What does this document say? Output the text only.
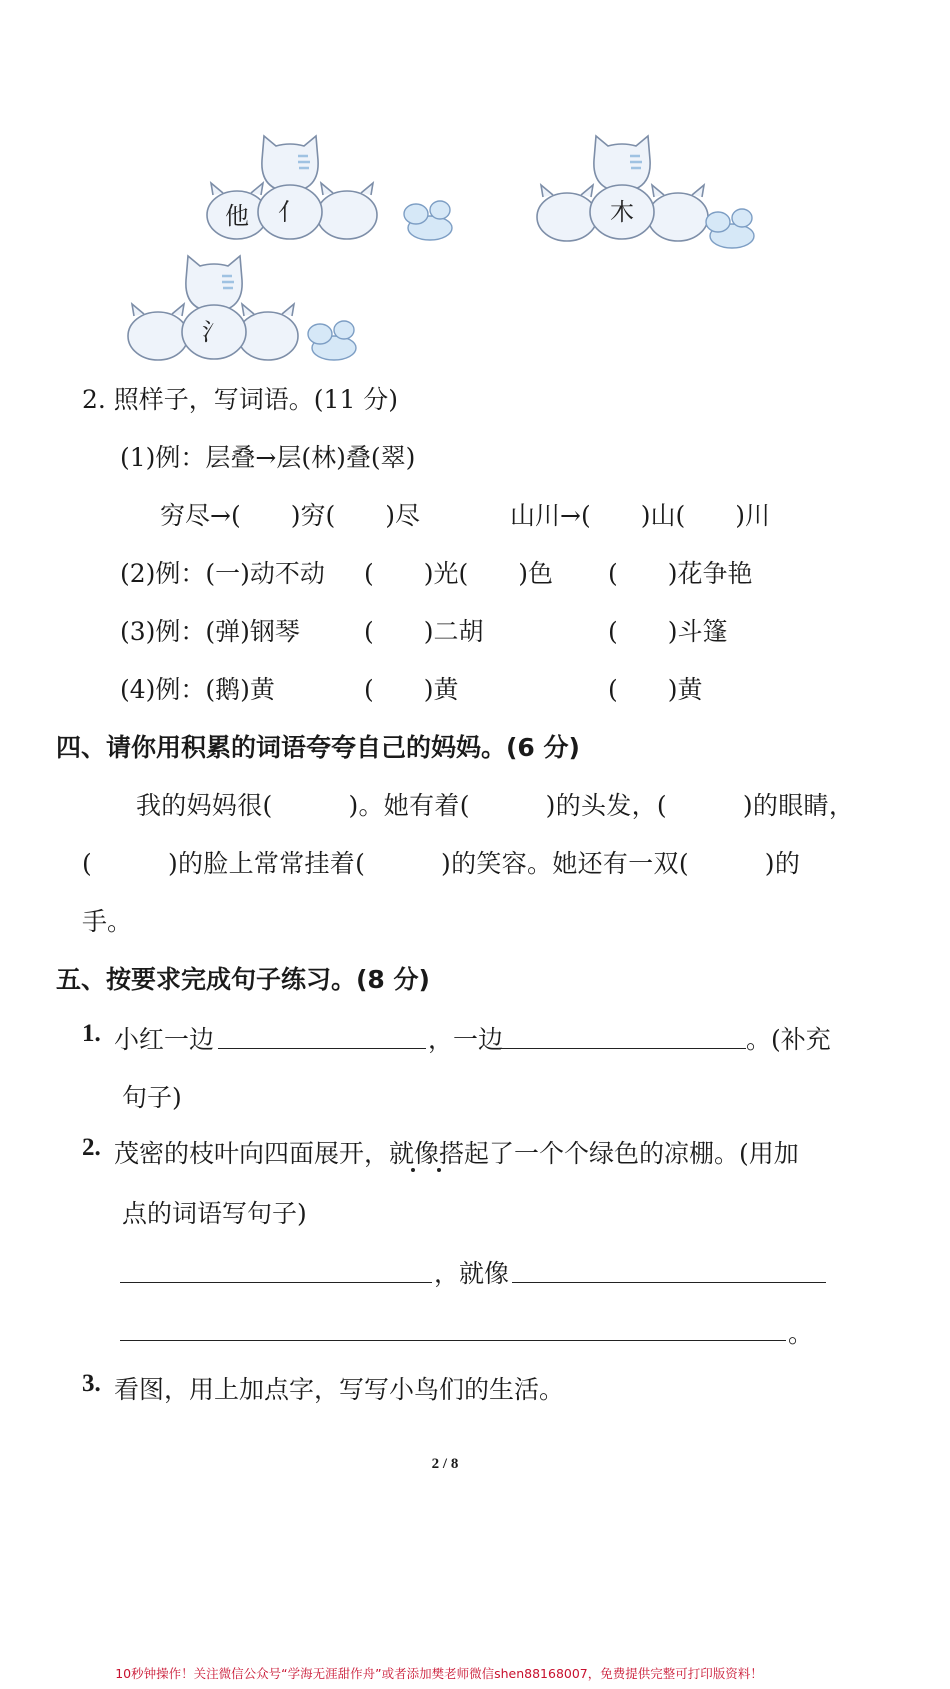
他 亻	木
氵
2. 照样子，写词语。(11 分)
(1)例：层叠→层(林)叠(翠)
穷尽→(　　)穷(　　)尽	山川→(　　)山(　　)川
(2)例：(一)动不动 (　　)光(　　)色 (　　)花争艳
(3)例：(弹)钢琴	(　　)二胡	(　　)斗篷
(4)例：(鹅)黄	(　　)黄	(　　)黄
四、请你用积累的词语夸夸自己的妈妈。(6 分)
我的妈妈很(　　　)。她有着(　　　)的头发，(　　　)的眼睛，
(　　　)的脸上常常挂着(　　　)的笑容。她还有一双(　　　)的
手。
五、按要求完成句子练习。(8 分)
1. 小红一边	，一边	。(补充
句子)
2. 茂密的枝叶向四面展开，就像搭起了一个个绿色的凉棚。(用加
点的词语写句子)
，就像
。
3. 看图，用上加点字，写写小鸟们的生活。
2 / 8
10秒钟操作！关注微信公众号“学海无涯甜作舟”或者添加樊老师微信shen88168007，免费提供完整可打印版资料！
